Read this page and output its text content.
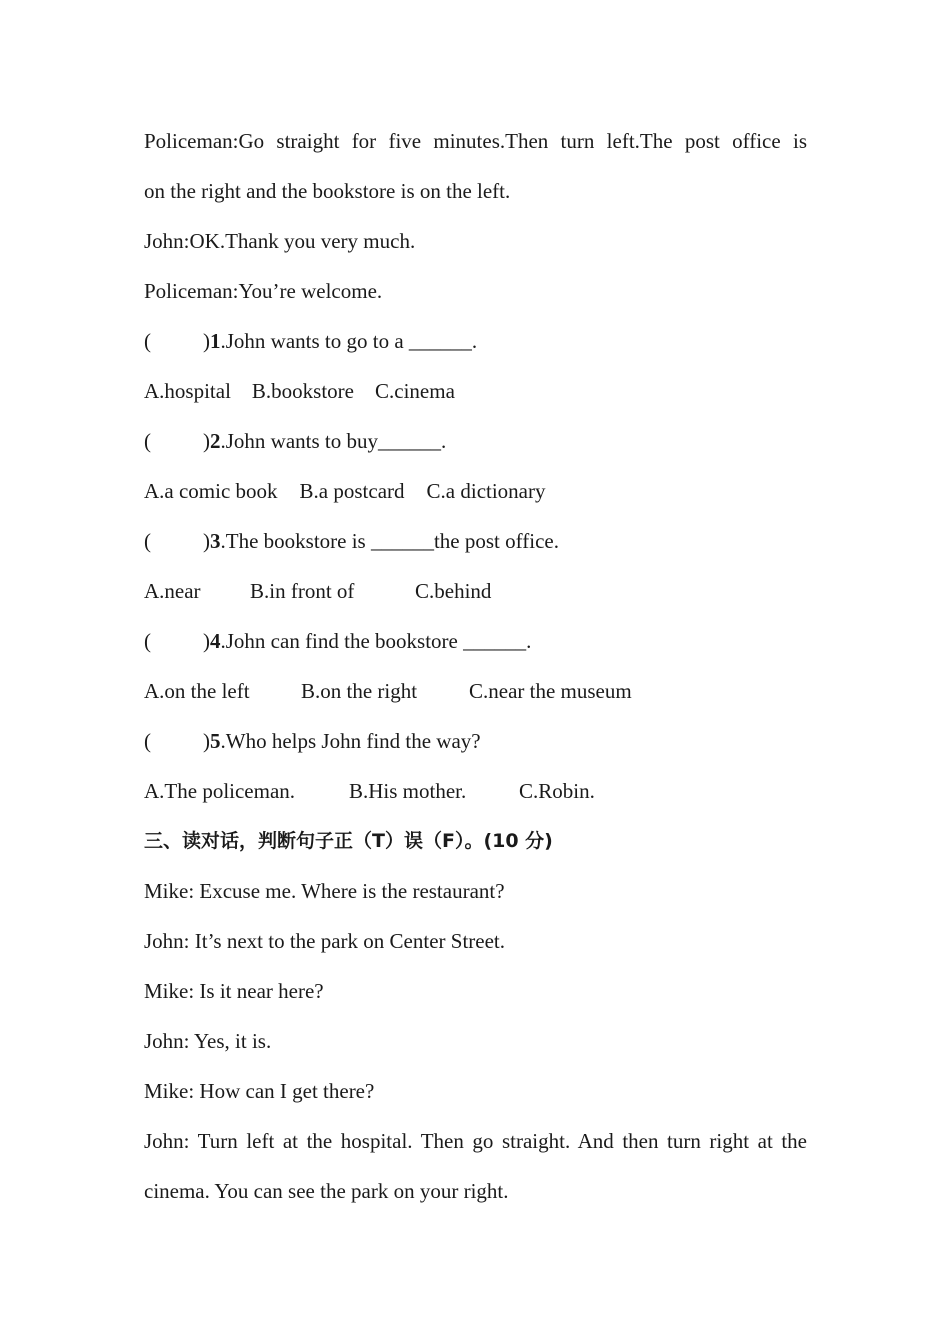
Policeman:Go straight for five minutes.Then turn left.The post office is
on the right and the bookstore is on the left.
John:OK.Thank you very much.
Policeman:You’re welcome.
(	) 1 .John wants to go to a ______.
A.hospital B.bookstore C.cinema
(	) 2 .John wants to buy______.
A.a comic book B.a postcard C.a dictionary
(	) 3 .The bookstore is ______the post office.
A.near B.in front of	C.behind
(	) 4 .John can find the bookstore ______.
A.on the left B.on the right C.near the museum
(	) 5 .Who helps John find the way?
A.The policeman.	B.His mother.	C.Robin.
三、读对话，判断句子正（T）误（F）。(10 分)
Mike: Excuse me. Where is the restaurant?
John: It’s next to the park on Center Street.
Mike: Is it near here?
John: Yes, it is.
Mike: How can I get there?
John: Turn left at the hospital. Then go straight. And then turn right at the
cinema. You can see the park on your right.
